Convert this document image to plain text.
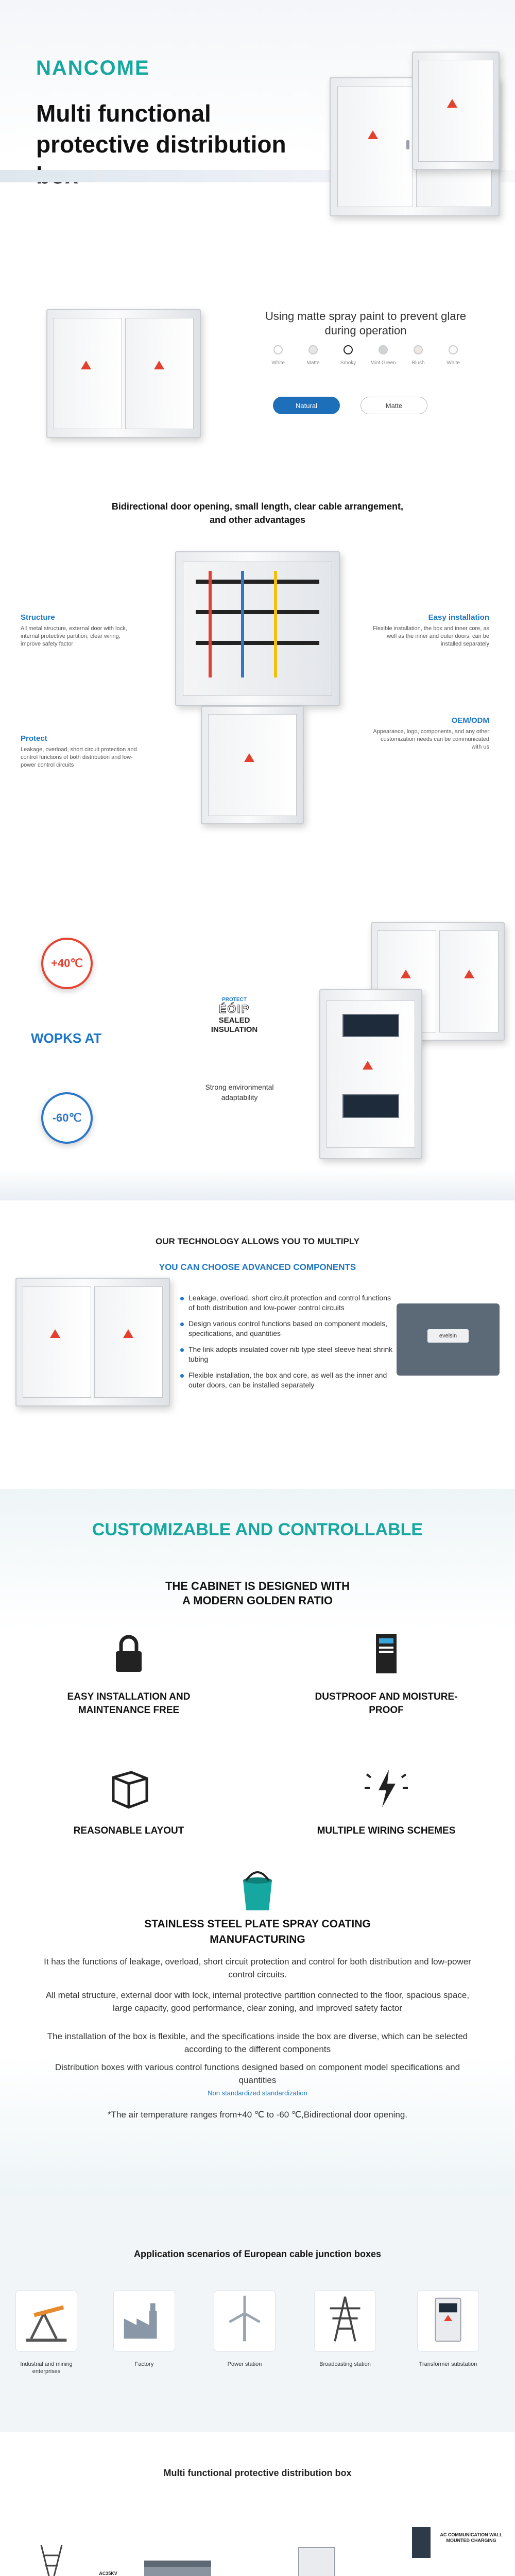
NANCOME
Multi functional protective distribution
Using matte spray paint to prevent glare during operation
White	Matte	Smoky	Mint Green	Blush	White
Natural	Matte
Bidirectional door opening, small length, clear cable arrangement, and other advantages
Structure

All metal structure, external door with lock, internal protective partition, clear wiring, improve safety factor

Easy installation

Flexible installation, the box and inner core, as well as the inner and outer doors, can be installed separately

Protect

Leakage, overload, short circuit protection and control functions of both distribution and low-power control circuits

OEM/ODM

Appearance, logo, components, and any other customization needs can be communicated with us

+40℃
WOPKS AT
-60℃
PROTECT
ÉÓIP
SEALED INSULATION
Strong environmental adaptability
OUR TECHNOLOGY ALLOWS YOU TO MULTIPLY
YOU CAN CHOOSE ADVANCED COMPONENTS
Leakage, overload, short circuit protection and control functions of both distribution and low-power control circuits
Design various control functions based on component models, specifications, and quantities
The link adopts insulated cover nib type steel sleeve heat shrink tubing
Flexible installation, the box and core, as well as the inner and outer doors, can be installed separately
evelsin
CUSTOMIZABLE AND CONTROLLABLE
THE CABINET IS DESIGNED WITH A MODERN GOLDEN RATIO
EASY INSTALLATION AND MAINTENANCE FREE
DUSTPROOF AND MOISTURE-PROOF
REASONABLE LAYOUT	MULTIPLE WIRING SCHEMES
STAINLESS STEEL PLATE SPRAY COATING MANUFACTURING
It has the functions of leakage, overload, short circuit protection and control for both distribution and low-power control circuits.
All metal structure, external door with lock, internal protective partition connected to the floor, spacious space, large capacity, good performance, clear zoning, and improved safety factor
The installation of the box is flexible, and the specifications inside the box are diverse, which can be selected according to the different components
Distribution boxes with various control functions designed based on component model specifications and quantities
Non standardized standardization
*The air temperature ranges from+40 ℃ to -60 ℃,Bidirectional door opening.
Application scenarios of European cable junction boxes
Industrial and mining enterprises
Factory	Power station	Broadcasting station	Transformer substation
Multi functional protective distribution box
AC35KV
AC COMMUNICATION WALL MOUNTED CHARGING
